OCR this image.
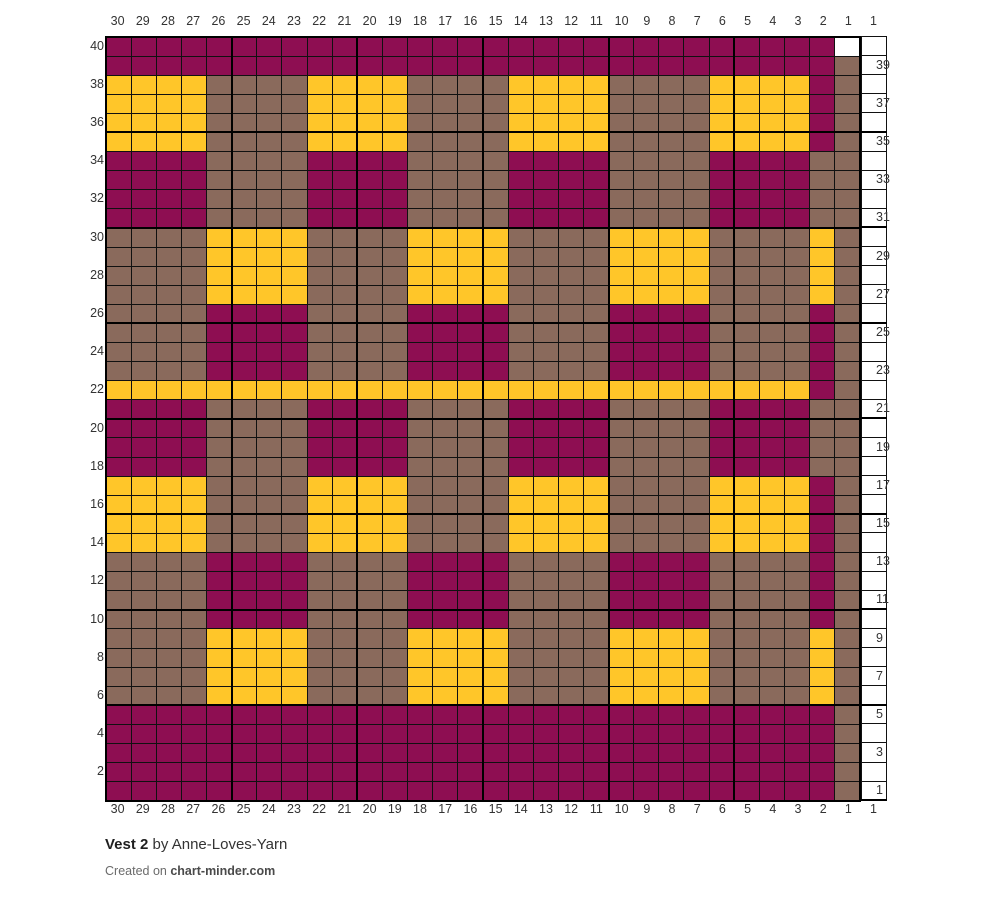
30 29 28 27 26 25 24 23 22 21 20 19 18 17 16 15 14 13 12 11 10	9	8	7	6	5	4	3	2	1	1
40
38
36
34
32
30
28
26
24
22
20
18
16
14
12
10
8
6
4
2

39
37
35
33
31
29
27
25
23
21
19
17
15
13
11
9
7
5
3
1
30 29 28 27 26 25 24 23 22 21 20 19 18 17 16 15 14 13 12 11 10	9	8	7	6	5	4	3	2	1	1
Vest 2 by Anne-Loves-Yarn
Created on chart-minder.com
